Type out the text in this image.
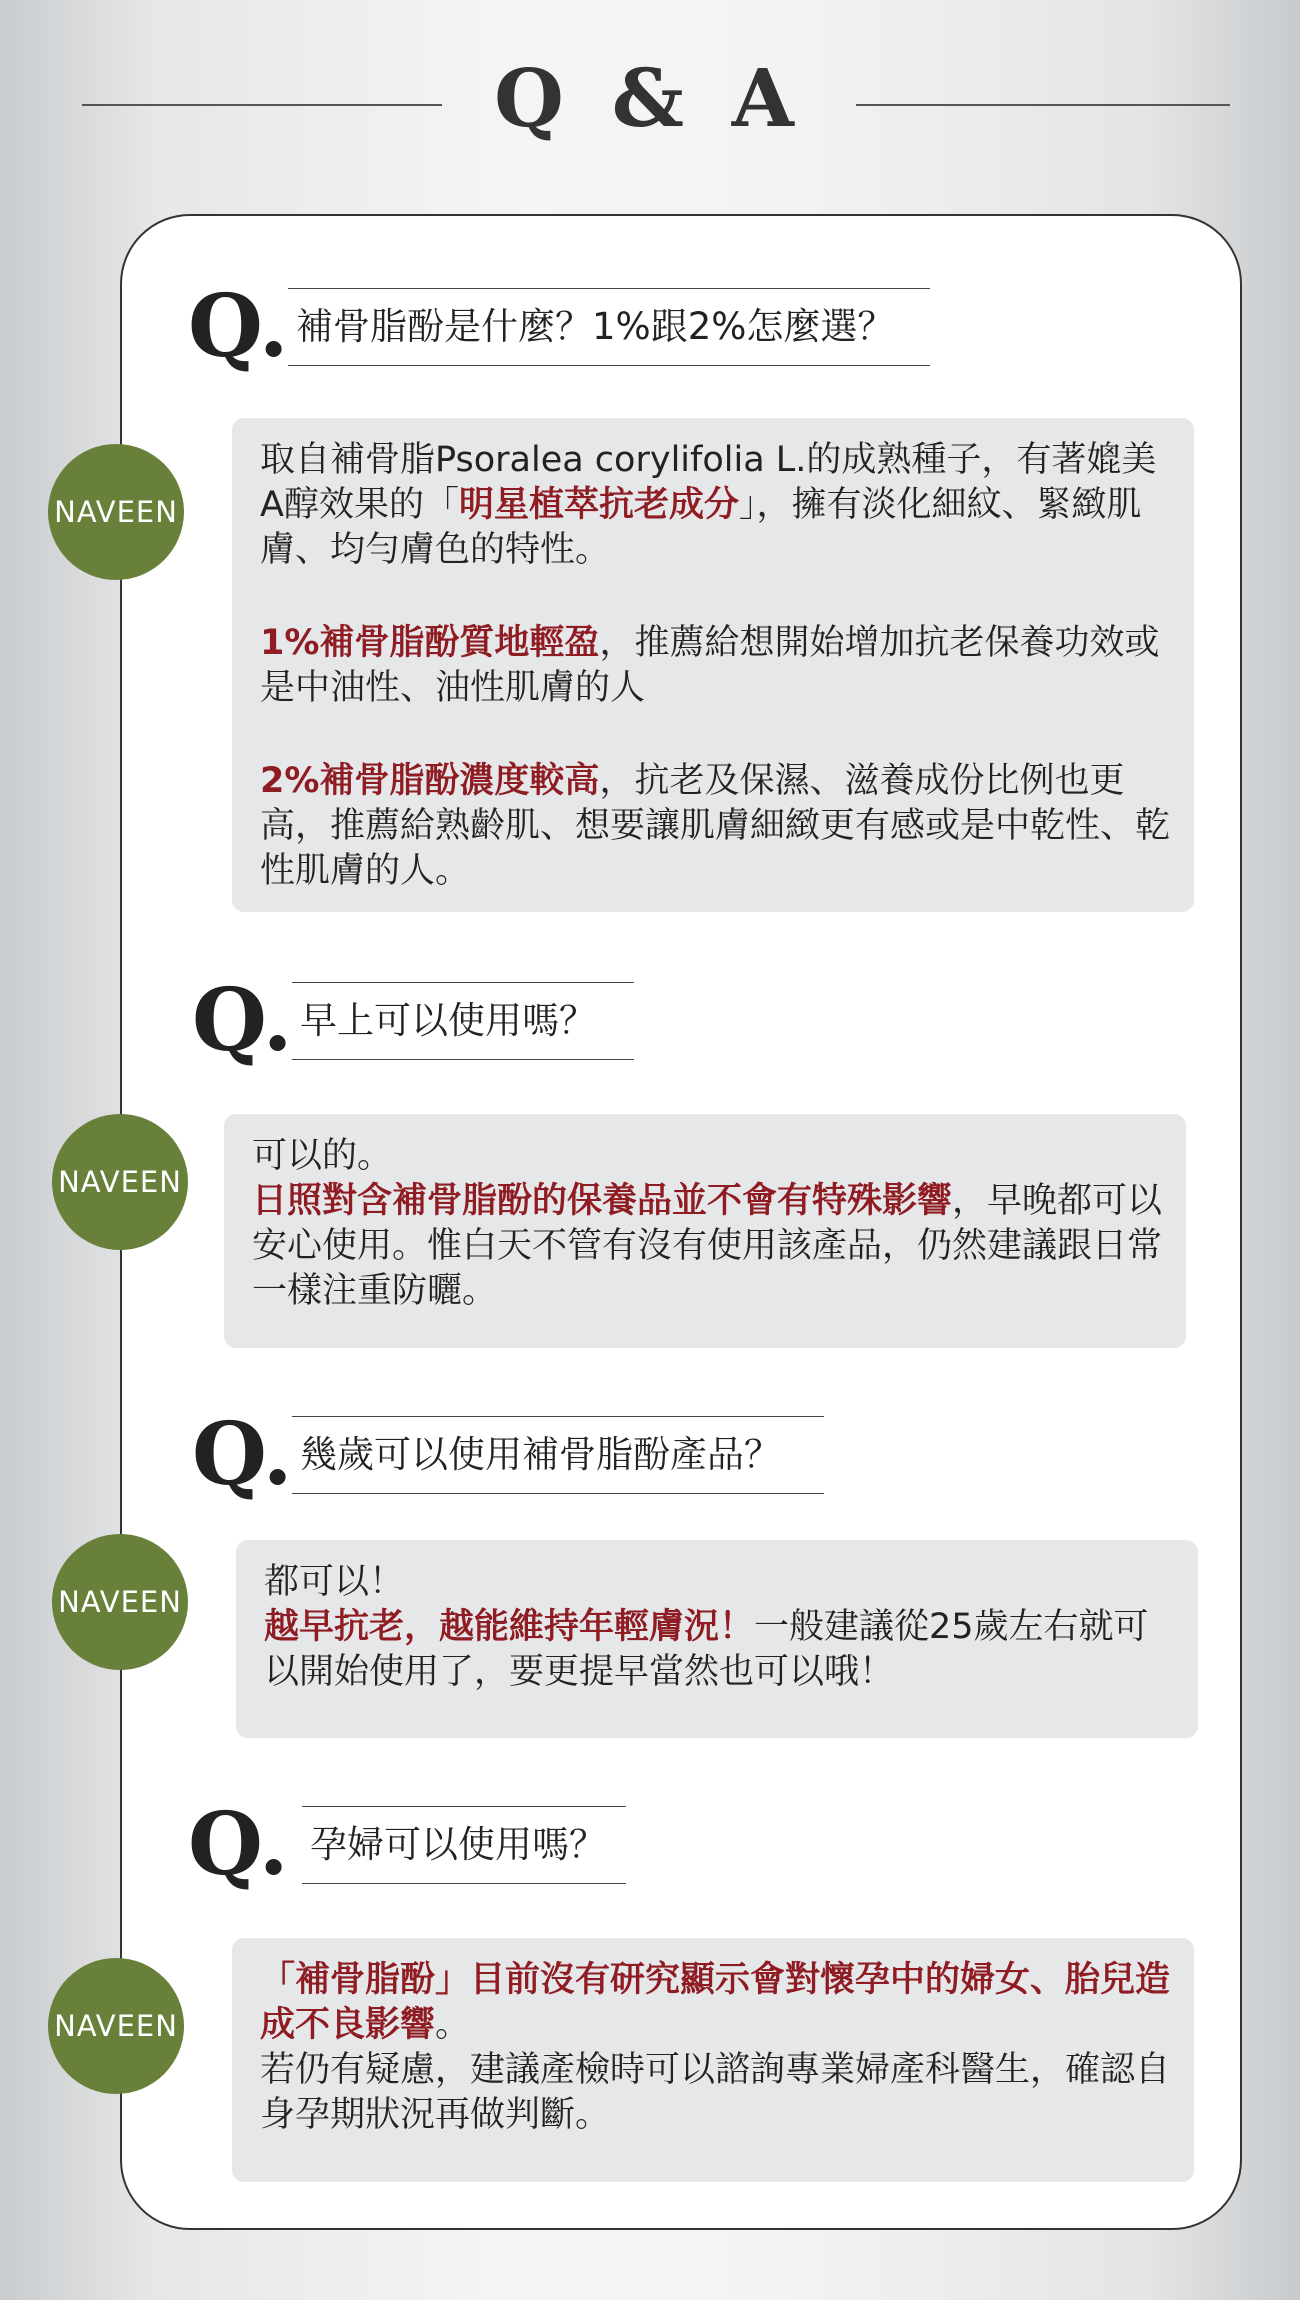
Q & A
Q. 補骨脂酚是什麼？1%跟2%怎麼選？
NAVEEN

取自補骨脂Psoralea corylifolia L.的成熟種子，有著媲美A醇效果的「明星植萃抗老成分」，擁有淡化細紋、緊緻肌膚、均勻膚色的特性。

1%補骨脂酚質地輕盈，推薦給想開始增加抗老保養功效或是中油性、油性肌膚的人

2%補骨脂酚濃度較高，抗老及保濕、滋養成份比例也更高，推薦給熟齡肌、想要讓肌膚細緻更有感或是中乾性、乾性肌膚的人。

Q. 早上可以使用嗎？
NAVEEN

可以的。
日照對含補骨脂酚的保養品並不會有特殊影響，早晚都可以安心使用。惟白天不管有沒有使用該產品，仍然建議跟日常一樣注重防曬。

Q. 幾歲可以使用補骨脂酚產品？
NAVEEN 都可以！
越早抗老，越能維持年輕膚況！一般建議從25歲左右就可以開始使用了，要更提早當然也可以哦！

Q. 孕婦可以使用嗎？
NAVEEN

「補骨脂酚」目前沒有研究顯示會對懷孕中的婦女、胎兒造成不良影響。
若仍有疑慮，建議產檢時可以諮詢專業婦產科醫生，確認自身孕期狀況再做判斷。
